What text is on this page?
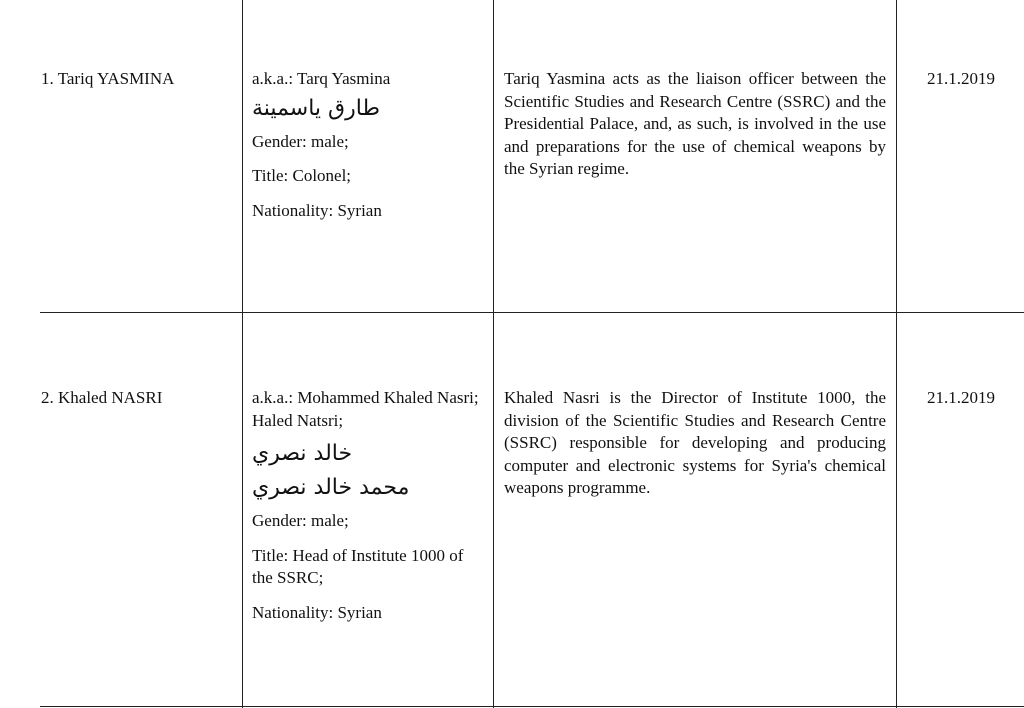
1. Tariq YASMINA	a.k.a.: Tarq Yasmina

طارق ياسمينة

Gender: male;

Title: Colonel;

Nationality: Syrian

Tariq Yasmina acts as the liaison officer between the Scientific Studies and Research Centre (SSRC) and the Presidential Palace, and, as such, is involved in the use and preparations for the use of chemical weapons by the Syrian regime.

21.1.2019
2. Khaled NASRI	a.k.a.: Mohammed Khaled Nasri; Haled Natsri;

خالد نصري

محمد خالد نصري

Gender: male;

Title: Head of Institute 1000 of the SSRC;

Nationality: Syrian

Khaled Nasri is the Director of Institute 1000, the division of the Scientific Studies and Research Centre (SSRC) responsible for developing and producing computer and electronic systems for Syria's chemical weapons programme.

21.1.2019
